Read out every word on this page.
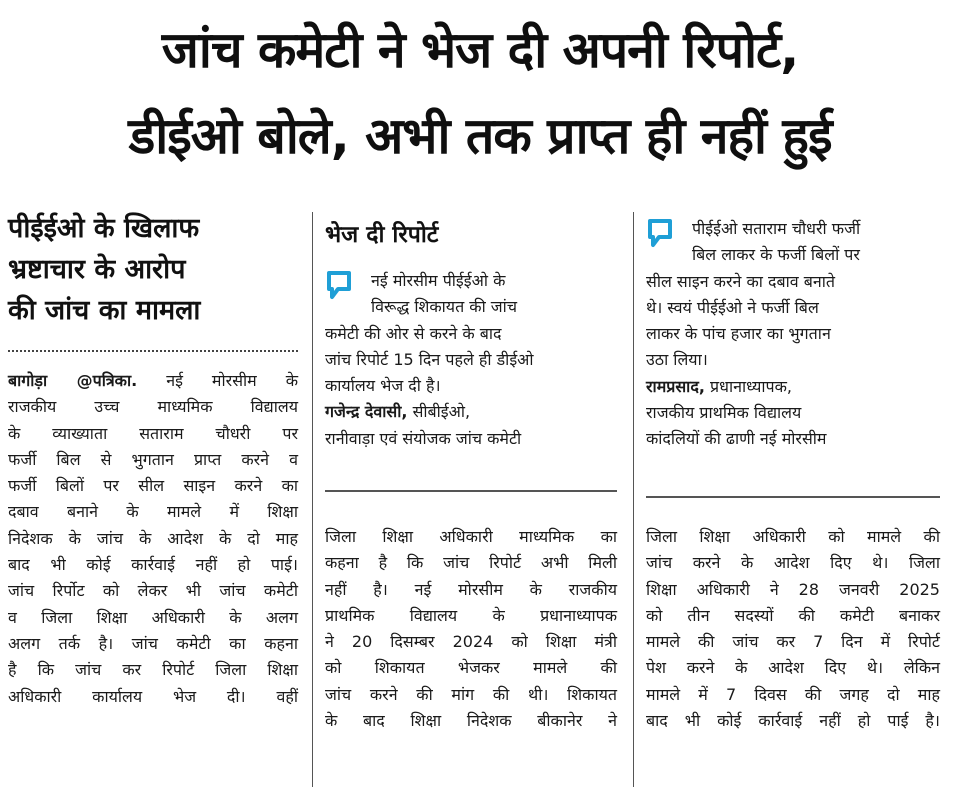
जांच कमेटी ने भेज दी अपनी रिपोर्ट,
डीईओ बोले, अभी तक प्राप्त ही नहीं हुई
पीईईओ के खिलाफ
भ्रष्टाचार के आरोप
की जांच का मामला
बागोड़ा @पत्रिका. नई मोरसीम के
राजकीय उच्च माध्यमिक विद्यालय
के व्याख्याता सताराम चौधरी पर
फर्जी बिल से भुगतान प्राप्त करने व
फर्जी बिलों पर सील साइन करने का
दबाव बनाने के मामले में शिक्षा
निदेशक के जांच के आदेश के दो माह
बाद भी कोई कार्रवाई नहीं हो पाई।
जांच रिर्पोट को लेकर भी जांच कमेटी
व जिला शिक्षा अधिकारी के अलग
अलग तर्क है। जांच कमेटी का कहना
है कि जांच कर रिपोर्ट जिला शिक्षा
अधिकारी कार्यालय भेज दी। वहीं
भेज दी रिपोर्ट
नई मोरसीम पीईईओ के
विरूद्ध शिकायत की जांच
कमेटी की ओर से करने के बाद
जांच रिपोर्ट 15 दिन पहले ही डीईओ
कार्यालय भेज दी है।
गजेन्द्र देवासी, सीबीईओ,
रानीवाड़ा एवं संयोजक जांच कमेटी
जिला शिक्षा अधिकारी माध्यमिक का
कहना है कि जांच रिपोर्ट अभी मिली
नहीं है। नई मोरसीम के राजकीय
प्राथमिक विद्यालय के प्रधानाध्यापक
ने 20 दिसम्बर 2024 को शिक्षा मंत्री
को शिकायत भेजकर मामले की
जांच करने की मांग की थी। शिकायत
के बाद शिक्षा निदेशक बीकानेर ने
पीईईओ सताराम चौधरी फर्जी
बिल लाकर के फर्जी बिलों पर
सील साइन करने का दबाव बनाते
थे। स्वयं पीईईओ ने फर्जी बिल
लाकर के पांच हजार का भुगतान
उठा लिया।
रामप्रसाद, प्रधानाध्यापक,
राजकीय प्राथमिक विद्यालय
कांदलियों की ढाणी नई मोरसीम
जिला शिक्षा अधिकारी को मामले की
जांच करने के आदेश दिए थे। जिला
शिक्षा अधिकारी ने 28 जनवरी 2025
को तीन सदस्यों की कमेटी बनाकर
मामले की जांच कर 7 दिन में रिपोर्ट
पेश करने के आदेश दिए थे। लेकिन
मामले में 7 दिवस की जगह दो माह
बाद भी कोई कार्रवाई नहीं हो पाई है।
